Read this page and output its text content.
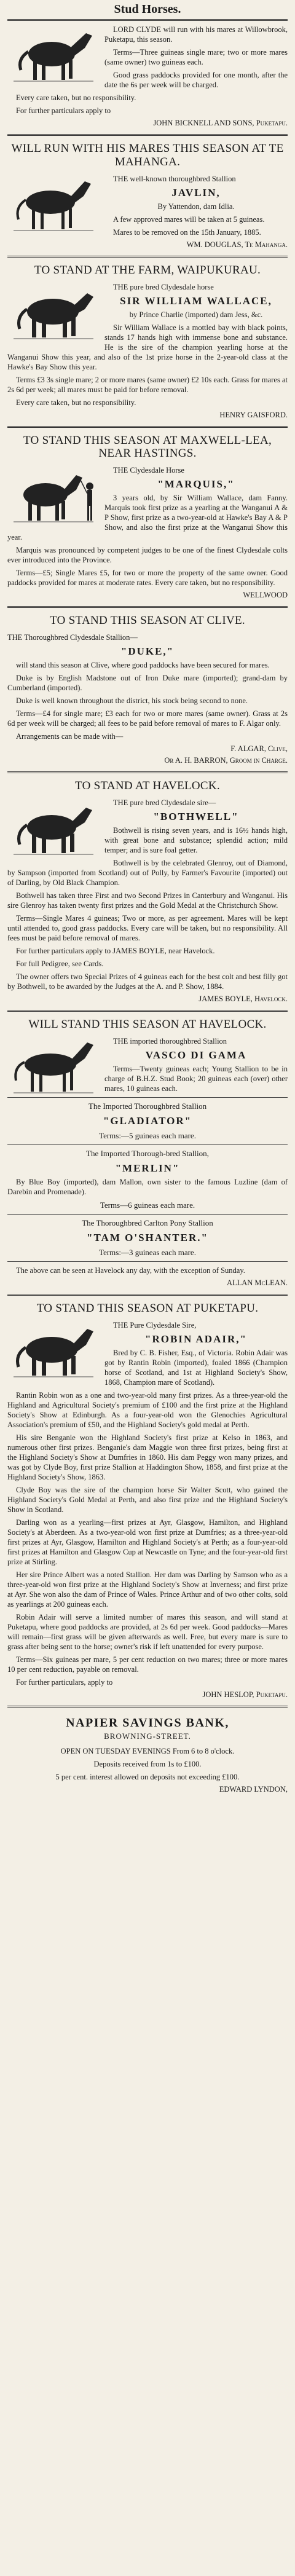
Stud Horses.

LORD CLYDE will run with his mares at Willowbrook, Puketapu, this season.

Terms—Three guineas single mare; two or more mares (same owner) two guineas each.

Good grass paddocks provided for one month, after the date the 6s per week will be charged.

Every care taken, but no responsibility.

For further particulars apply to

JOHN BICKNELL AND SONS, Puketapu.
WILL RUN WITH HIS MARES THIS SEASON AT TE MAHANGA.

THE well-known thoroughbred Stallion

JAVLIN,

By Yattendon, dam Idlia.

A few approved mares will be taken at 5 guineas.

Mares to be removed on the 15th January, 1885.

WM. DOUGLAS, Te Mahanga.
TO STAND AT THE FARM, WAIPUKURAU.

THE pure bred Clydesdale horse

SIR WILLIAM WALLACE,

by Prince Charlie (imported) dam Jess, &c.

Sir William Wallace is a mottled bay with black points, stands 17 hands high with immense bone and substance. He is the sire of the champion yearling horse at the Wanganui Show this year, and also of the 1st prize horse in the 2-year-old class at the Hawke's Bay Show this year.

Terms £3 3s single mare; 2 or more mares (same owner) £2 10s each. Grass for mares at 2s 6d per week; all mares must be paid for before removal.

Every care taken, but no responsibility.

HENRY GAISFORD.
TO STAND THIS SEASON AT MAXWELL-LEA, NEAR HASTINGS.

THE Clydesdale Horse

"MARQUIS,"

3 years old, by Sir William Wallace, dam Fanny. Marquis took first prize as a yearling at the Wanganui A & P Show, first prize as a two-year-old at Hawke's Bay A & P Show, and also the first prize at the Wanganui Show this year.

Marquis was pronounced by competent judges to be one of the finest Clydesdale colts ever introduced into the Province.

Terms—£5; Single Mares £5, for two or more the property of the same owner. Good paddocks provided for mares at moderate rates. Every care taken, but no responsibility.

WELLWOOD
TO STAND THIS SEASON AT CLIVE.

THE Thoroughbred Clydesdale Stallion—

"DUKE,"

will stand this season at Clive, where good paddocks have been secured for mares.

Duke is by English Madstone out of Iron Duke mare (imported); grand-dam by Cumberland (imported).

Duke is well known throughout the district, his stock being second to none.

Terms—£4 for single mare; £3 each for two or more mares (same owner). Grass at 2s 6d per week will be charged; all fees to be paid before removal of mares to F. Algar only.

Arrangements can be made with—

F. ALGAR, Clive,
Or A. H. BARRON, Groom in Charge.
TO STAND AT HAVELOCK.

THE pure bred Clydesdale sire—

"BOTHWELL"

Bothwell is rising seven years, and is 16½ hands high, with great bone and substance; splendid action; mild temper; and is sure foal getter.

Bothwell is by the celebrated Glenroy, out of Diamond, by Sampson (imported from Scotland) out of Polly, by Farmer's Favourite (imported) out of Darling, by Old Black Champion.

Bothwell has taken three First and two Second Prizes in Canterbury and Wanganui. His sire Glenroy has taken twenty first prizes and the Gold Medal at the Christchurch Show.

Terms—Single Mares 4 guineas; Two or more, as per agreement. Mares will be kept until attended to, good grass paddocks. Every care will be taken, but no responsibility. All fees must be paid before removal of mares.

For further particulars apply to JAMES BOYLE, near Havelock.

For full Pedigree, see Cards.

The owner offers two Special Prizes of 4 guineas each for the best colt and best filly got by Bothwell, to be awarded by the Judges at the A. and P. Show, 1884.

JAMES BOYLE, Havelock.
WILL STAND THIS SEASON AT HAVELOCK.

THE imported thoroughbred Stallion

VASCO DI GAMA

Terms—Twenty guineas each; Young Stallion to be in charge of B.H.Z. Stud Book; 20 guineas each (over) other mares, 10 guineas each.

The Imported Thoroughbred Stallion
"GLADIATOR"
Terms:—5 guineas each mare.
The Imported Thorough-bred Stallion,
"MERLIN"

By Blue Boy (imported), dam Mallon, own sister to the famous Luzline (dam of Darebin and Promenade).

Terms—6 guineas each mare.
The Thoroughbred Carlton Pony Stallion
"TAM O'SHANTER."
Terms:—3 guineas each mare.

The above can be seen at Havelock any day, with the exception of Sunday.

ALLAN McLEAN.
TO STAND THIS SEASON AT PUKETAPU.

THE Pure Clydesdale Sire,

"ROBIN ADAIR,"

Bred by C. B. Fisher, Esq., of Victoria. Robin Adair was got by Rantin Robin (imported), foaled 1866 (Champion horse of Scotland, and 1st at Highland Society's Show, 1868, Champion mare of Scotland).

Rantin Robin won as a one and two-year-old many first prizes. As a three-year-old the Highland and Agricultural Society's premium of £100 and the first prize at the Highland Society's Show at Edinburgh. As a four-year-old won the Glenochies Agricultural Association's premium of £50, and the Highland Society's gold medal at Perth.

His sire Benganie won the Highland Society's first prize at Kelso in 1863, and numerous other first prizes. Benganie's dam Maggie won three first prizes, being first at the Highland Society's Show at Dumfries in 1860. His dam Peggy won many prizes, and was got by Clyde Boy, first prize Stallion at Haddington Show, 1858, and first prize at the Highland Society's Show, 1863.

Clyde Boy was the sire of the champion horse Sir Walter Scott, who gained the Highland Society's Gold Medal at Perth, and also first prize and the Highland Society's Show in Scotland.

Darling won as a yearling—first prizes at Ayr, Glasgow, Hamilton, and Highland Society's at Aberdeen. As a two-year-old won first prize at Dumfries; as a three-year-old first prizes at Ayr, Glasgow, Hamilton and Highland Society's at Perth; as a four-year-old first prizes at Hamilton and Glasgow Cup at Newcastle on Tyne; and the four-year-old first prize at Stirling.

Her sire Prince Albert was a noted Stallion. Her dam was Darling by Samson who as a three-year-old won first prize at the Highland Society's Show at Inverness; and first prize at Ayr. She won also the dam of Prince of Wales. Prince Arthur and of two other colts, sold as yearlings at 200 guineas each.

Robin Adair will serve a limited number of mares this season, and will stand at Puketapu, where good paddocks are provided, at 2s 6d per week. Good paddocks—Mares will remain—first grass will be given afterwards as well. Free, but every mare is sure to grass after being sent to the horse; owner's risk if left unattended for every purpose.

Terms—Six guineas per mare, 5 per cent reduction on two mares; three or more mares 10 per cent reduction, payable on removal.

For further particulars, apply to

JOHN HESLOP, Puketapu.
NAPIER SAVINGS BANK,
BROWNING-STREET.

OPEN ON TUESDAY EVENINGS From 6 to 8 o'clock.

Deposits received from 1s to £100.

5 per cent. interest allowed on deposits not exceeding £100.

EDWARD LYNDON,
